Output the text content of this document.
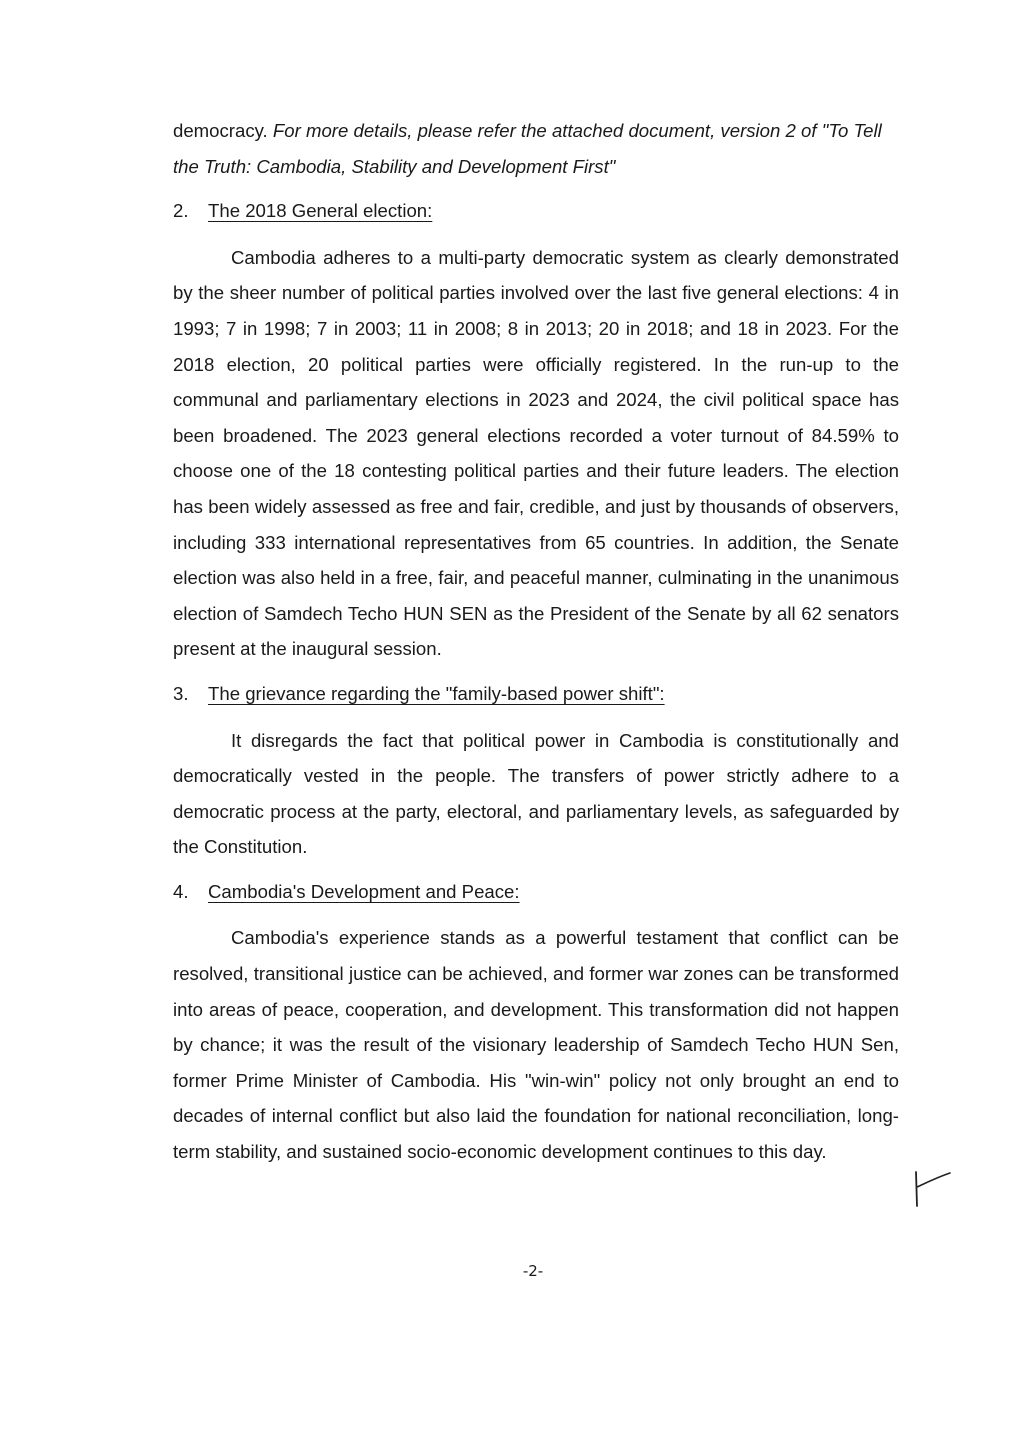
democracy. For more details, please refer the attached document, version 2 of "To Tell the Truth: Cambodia, Stability and Development First"

2.	The 2018 General election:

Cambodia adheres to a multi-party democratic system as clearly demonstrated by the sheer number of political parties involved over the last five general elections: 4 in 1993; 7 in 1998; 7 in 2003; 11 in 2008; 8 in 2013; 20 in 2018; and 18 in 2023. For the 2018 election, 20 political parties were officially registered. In the run-up to the communal and parliamentary elections in 2023 and 2024, the civil political space has been broadened. The 2023 general elections recorded a voter turnout of 84.59% to choose one of the 18 contesting political parties and their future leaders. The election has been widely assessed as free and fair, credible, and just by thousands of observers, including 333 international representatives from 65 countries. In addition, the Senate election was also held in a free, fair, and peaceful manner, culminating in the unanimous election of Samdech Techo HUN SEN as the President of the Senate by all 62 senators present at the inaugural session.

3.	The grievance regarding the "family-based power shift":

It disregards the fact that political power in Cambodia is constitutionally and democratically vested in the people. The transfers of power strictly adhere to a democratic process at the party, electoral, and parliamentary levels, as safeguarded by the Constitution.

4.	Cambodia's Development and Peace:

Cambodia's experience stands as a powerful testament that conflict can be resolved, transitional justice can be achieved, and former war zones can be transformed into areas of peace, cooperation, and development. This transformation did not happen by chance; it was the result of the visionary leadership of Samdech Techo HUN Sen, former Prime Minister of Cambodia. His "win-win" policy not only brought an end to decades of internal conflict but also laid the foundation for national reconciliation, long-term stability, and sustained socio-economic development continues to this day.

-2-
